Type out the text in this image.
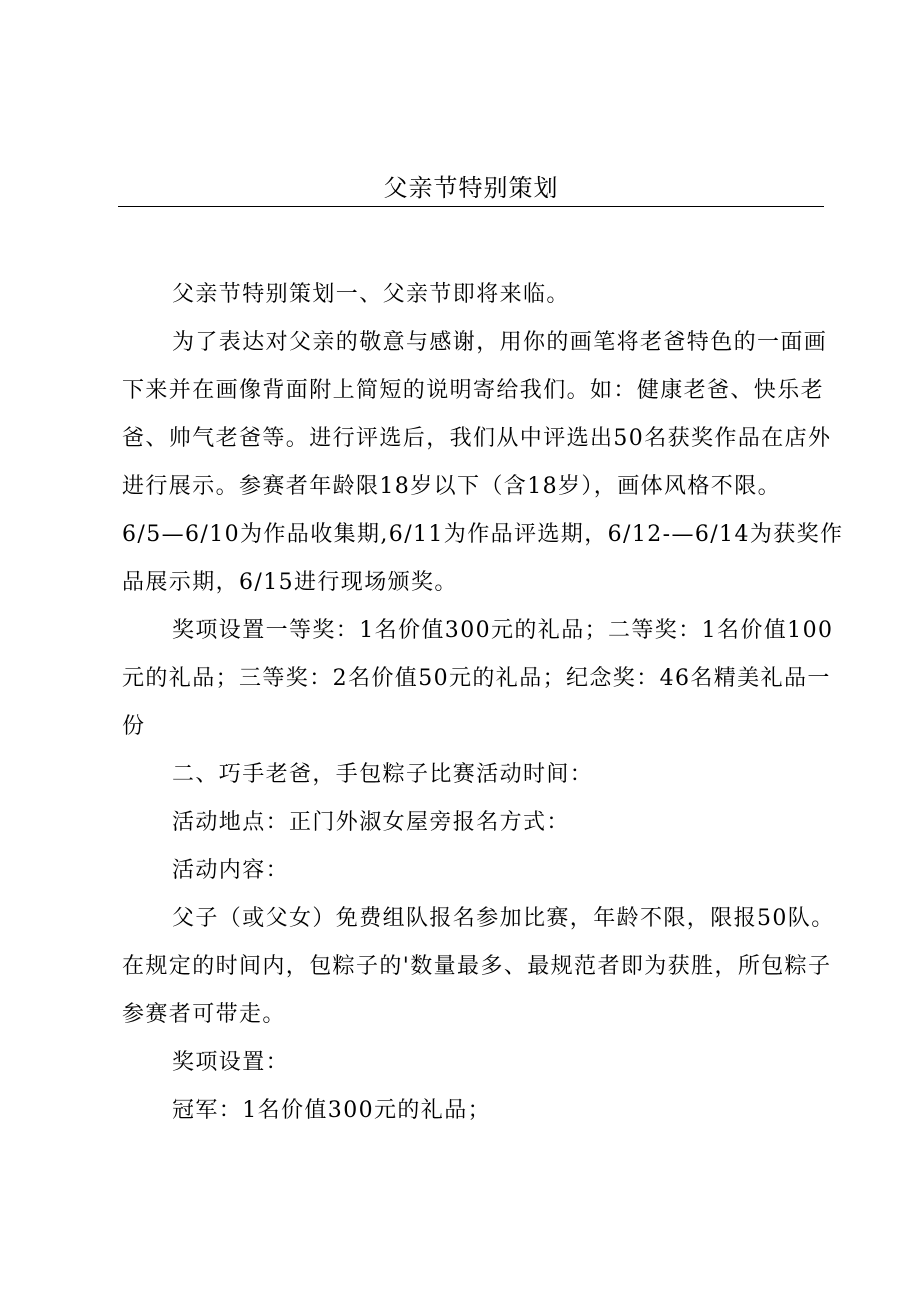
父亲节特别策划

父亲节特别策划一、父亲节即将来临。

为了表达对父亲的敬意与感谢，用你的画笔将老爸特色的一面画
下来并在画像背面附上简短的说明寄给我们。如：健康老爸、快乐老
爸、帅气老爸等。进行评选后，我们从中评选出50名获奖作品在店外
进行展示。参赛者年龄限18岁以下（含18岁），画体风格不限。
6/5—6/10为作品收集期,6/11为作品评选期，6/12-—6/14为获奖作
品展示期，6/15进行现场颁奖。

奖项设置一等奖：1名价值300元的礼品；二等奖：1名价值100
元的礼品；三等奖：2名价值50元的礼品；纪念奖：46名精美礼品一
份

二、巧手老爸，手包粽子比赛活动时间：

活动地点：正门外淑女屋旁报名方式：

活动内容：

父子（或父女）免费组队报名参加比赛，年龄不限，限报50队。
在规定的时间内，包粽子的'数量最多、最规范者即为获胜，所包粽子
参赛者可带走。

奖项设置：

冠军：1名价值300元的礼品；
